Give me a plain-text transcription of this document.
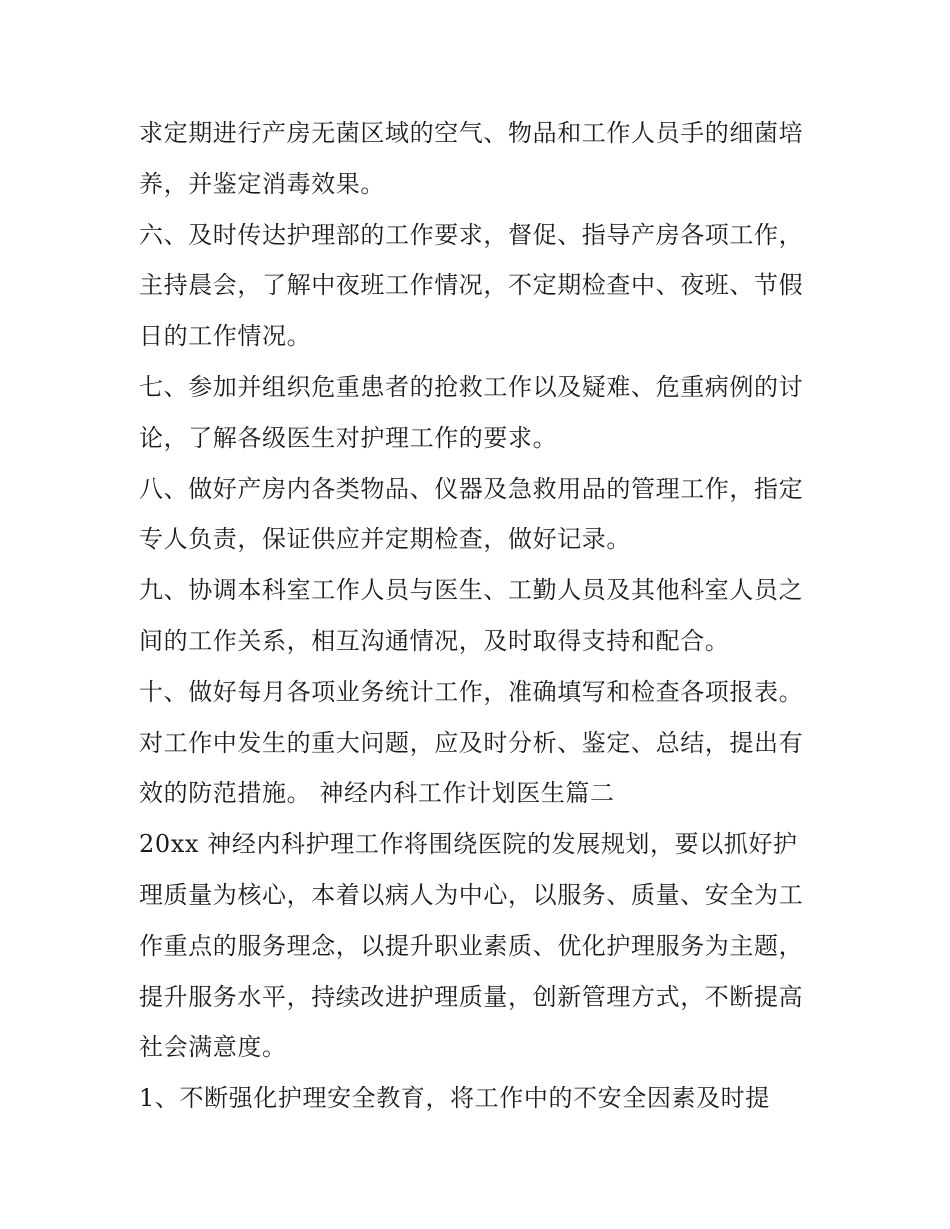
求定期进行产房无菌区域的空气、物品和工作人员手的细菌培
养，并鉴定消毒效果。
六、及时传达护理部的工作要求，督促、指导产房各项工作，
主持晨会，了解中夜班工作情况，不定期检查中、夜班、节假
日的工作情况。
七、参加并组织危重患者的抢救工作以及疑难、危重病例的讨
论，了解各级医生对护理工作的要求。
八、做好产房内各类物品、仪器及急救用品的管理工作，指定
专人负责，保证供应并定期检查，做好记录。
九、协调本科室工作人员与医生、工勤人员及其他科室人员之
间的工作关系，相互沟通情况，及时取得支持和配合。
十、做好每月各项业务统计工作，准确填写和检查各项报表。
对工作中发生的重大问题，应及时分析、鉴定、总结，提出有
效的防范措施。 神经内科工作计划医生篇二
20xx 神经内科护理工作将围绕医院的发展规划，要以抓好护
理质量为核心，本着以病人为中心，以服务、质量、安全为工
作重点的服务理念，以提升职业素质、优化护理服务为主题，
提升服务水平，持续改进护理质量，创新管理方式，不断提高
社会满意度。
1、不断强化护理安全教育，将工作中的不安全因素及时提
